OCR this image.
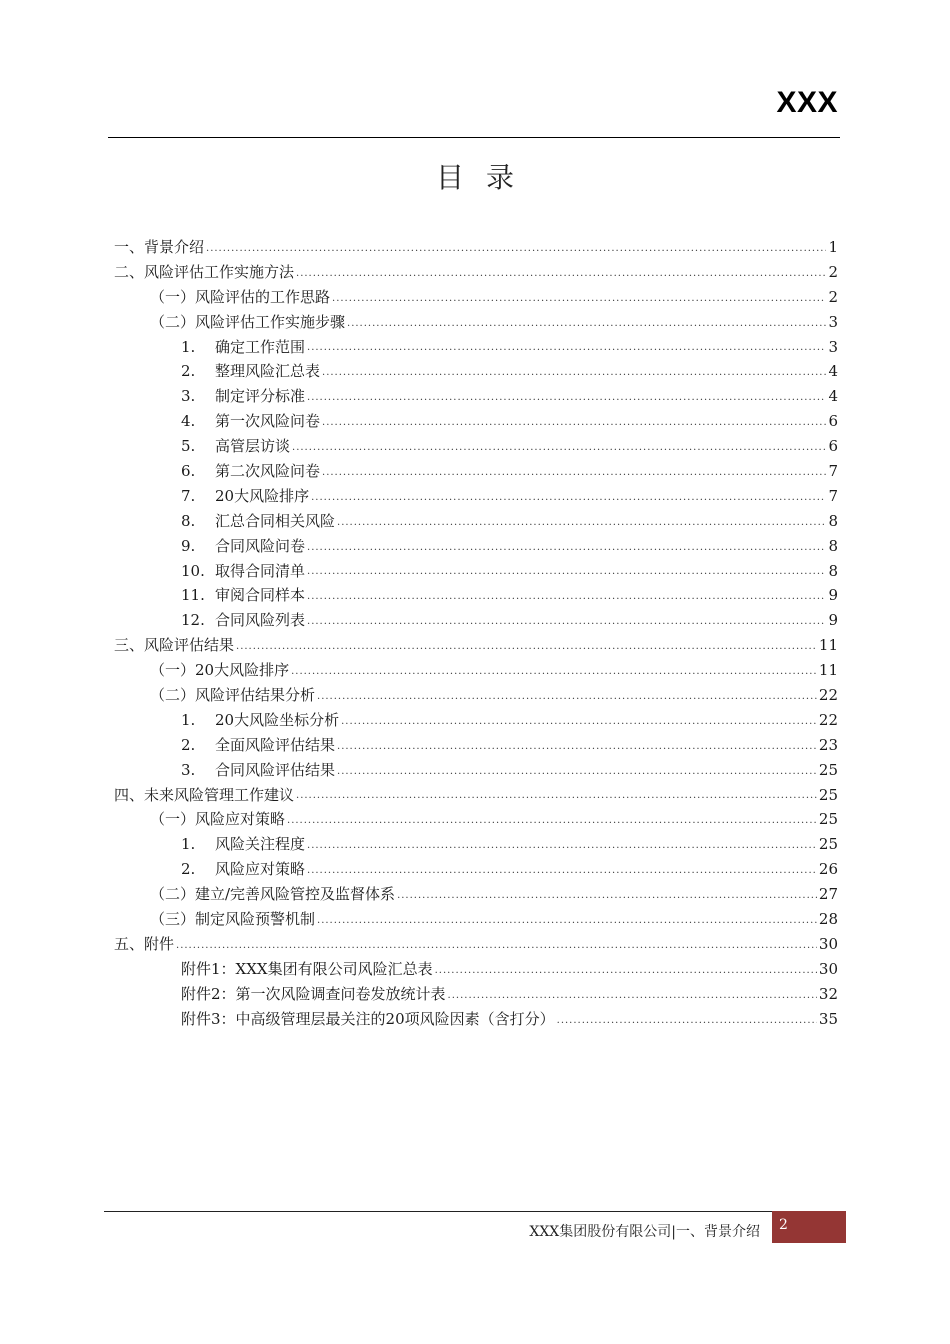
XXX
目录
一、背景介绍 .....	1
二、风险评估工作实施方法 .....	2
（一）风险评估的工作思路 .....	2
（二）风险评估工作实施步骤 .....	3
1. 确定工作范围 .....	3
2. 整理风险汇总表 .....	4
3. 制定评分标准 .....	4
4. 第一次风险问卷 .....	6
5. 高管层访谈 .....	6
6. 第二次风险问卷 .....	7
7. 20大风险排序 .....	7
8. 汇总合同相关风险 .....	8
9. 合同风险问卷 .....	8
10. 取得合同清单 .....	8
11. 审阅合同样本 .....	9
12. 合同风险列表 .....	9
三、风险评估结果 .....	11
（一）20大风险排序 .....	11
（二）风险评估结果分析 .....	22
1. 20大风险坐标分析 .....	22
2. 全面风险评估结果 .....	23
3. 合同风险评估结果 .....	25
四、未来风险管理工作建议 .....	25
（一）风险应对策略 .....	25
1. 风险关注程度 .....	25
2. 风险应对策略 .....	26
（二）建立/完善风险管控及监督体系 .....	27
（三）制定风险预警机制 .....	28
五、附件 .....	30
附件1：XXX集团有限公司风险汇总表 .....	30
附件2：第一次风险调查问卷发放统计表 .....	32
附件3：中高级管理层最关注的20项风险因素（含打分） .....	35
XXX集团股份有限公司|一、背景介绍	2
